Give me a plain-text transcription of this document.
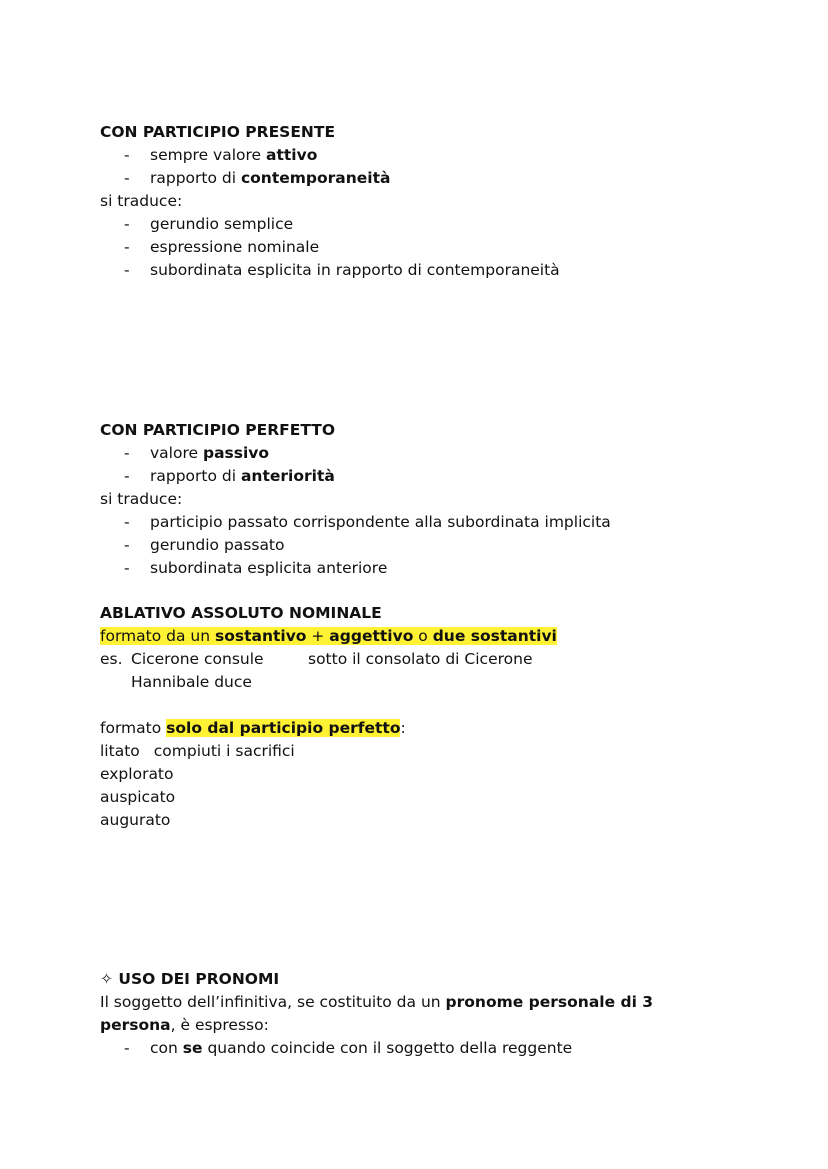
CON PARTICIPIO PRESENTE
- sempre valore attivo
- rapporto di contemporaneità
si traduce:
- gerundio semplice
- espressione nominale
- subordinata esplicita in rapporto di contemporaneità
CON PARTICIPIO PERFETTO
- valore passivo
- rapporto di anteriorità
si traduce:
- participio passato corrispondente alla subordinata implicita
- gerundio passato
- subordinata esplicita anteriore
ABLATIVO ASSOLUTO NOMINALE
formato da un sostantivo + aggettivo o due sostantivi
es. Cicerone consule	sotto il consolato di Cicerone
Hannibale duce
formato solo dal participio perfetto:
litato compiuti i sacrifici
explorato
auspicato
augurato
✧ USO DEI PRONOMI
Il soggetto dell’infinitiva, se costituito da un pronome personale di 3 persona, è espresso:
- con se quando coincide con il soggetto della reggente
